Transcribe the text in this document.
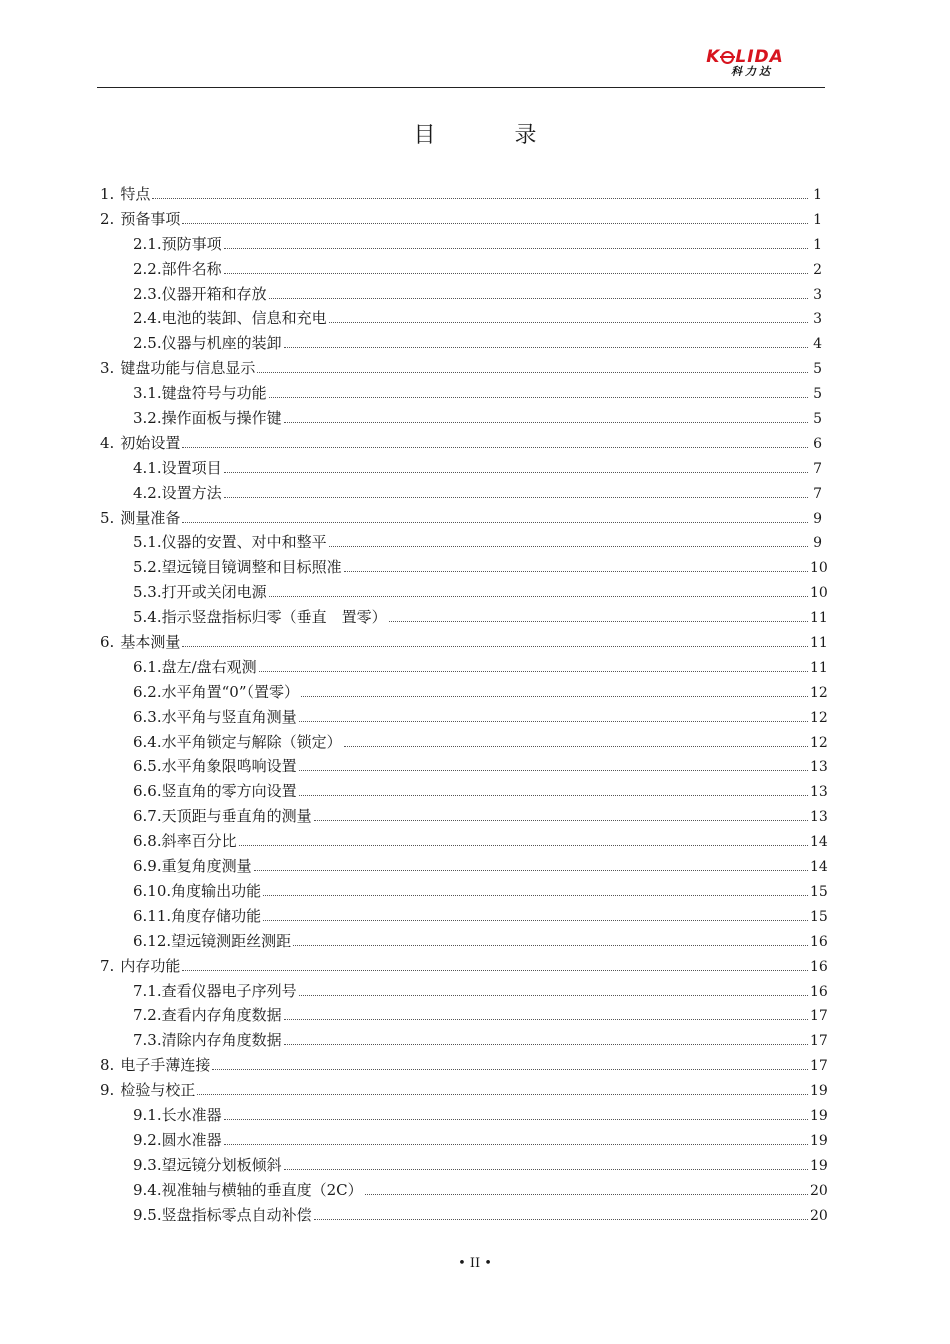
K LIDA
科力达
目 录
1. 特点	1
2. 预备事项	1
2.1. 预防事项	1
2.2. 部件名称	2
2.3. 仪器开箱和存放	3
2.4. 电池的装卸、信息和充电	3
2.5. 仪器与机座的装卸	4
3. 键盘功能与信息显示	5
3.1. 键盘符号与功能	5
3.2. 操作面板与操作键	5
4. 初始设置	6
4.1. 设置项目	7
4.2. 设置方法	7
5. 测量准备	9
5.1. 仪器的安置、对中和整平	9
5.2. 望远镜目镜调整和目标照准	10
5.3. 打开或关闭电源	10
5.4. 指示竖盘指标归零（垂直　置零）	11
6. 基本测量	11
6.1. 盘左/盘右观测	11
6.2. 水平角置“0”（置零）	12
6.3. 水平角与竖直角测量	12
6.4. 水平角锁定与解除（锁定）	12
6.5. 水平角象限鸣响设置	13
6.6. 竖直角的零方向设置	13
6.7. 天顶距与垂直角的测量	13
6.8. 斜率百分比	14
6.9. 重复角度测量	14
6.10. 角度输出功能	15
6.11. 角度存储功能	15
6.12. 望远镜测距丝测距	16
7. 内存功能	16
7.1. 查看仪器电子序列号	16
7.2. 查看内存角度数据	17
7.3. 清除内存角度数据	17
8. 电子手薄连接	17
9. 检验与校正	19
9.1. 长水准器	19
9.2. 圆水准器	19
9.3. 望远镜分划板倾斜	19
9.4. 视准轴与横轴的垂直度（2C）	20
9.5. 竖盘指标零点自动补偿	20
• II •
